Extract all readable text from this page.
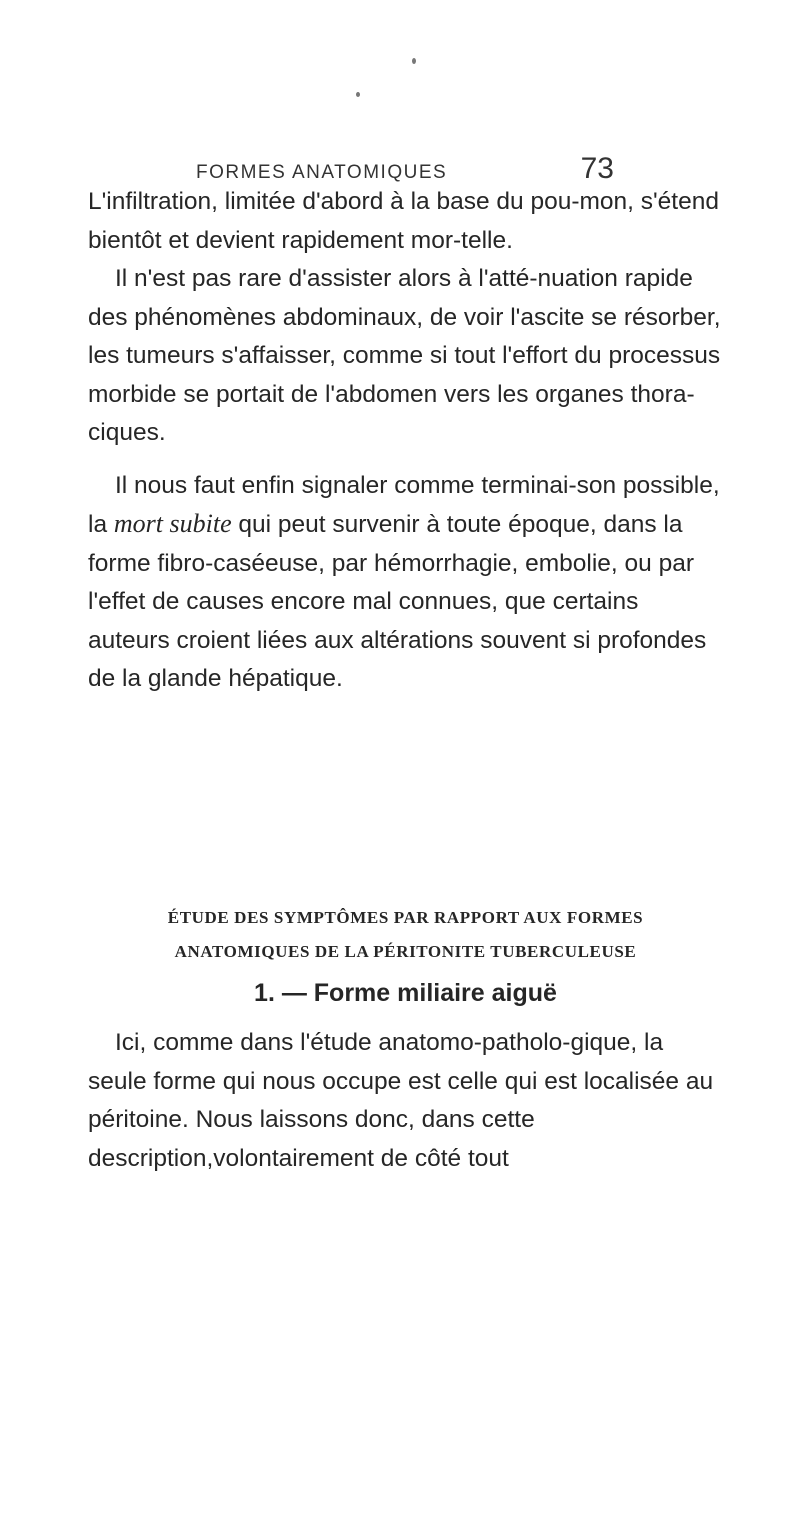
FORMES ANATOMIQUES	73

L'infiltration, limitée d'abord à la base du pou-mon, s'étend bientôt et devient rapidement mor-telle.

Il n'est pas rare d'assister alors à l'atté-nuation rapide des phénomènes abdominaux, de voir l'ascite se résorber, les tumeurs s'affaisser, comme si tout l'effort du processus morbide se portait de l'abdomen vers les organes thora-ciques.

Il nous faut enfin signaler comme terminai-son possible, la mort subite qui peut survenir à toute époque, dans la forme fibro-caséeuse, par hémorrhagie, embolie, ou par l'effet de causes encore mal connues, que certains auteurs croient liées aux altérations souvent si profondes de la glande hépatique.

ÉTUDE DES SYMPTÔMES PAR RAPPORT AUX FORMES

ANATOMIQUES DE LA PÉRITONITE TUBERCULEUSE

1. — Forme miliaire aiguë

Ici, comme dans l'étude anatomo-patholo-gique, la seule forme qui nous occupe est celle qui est localisée au péritoine. Nous laissons donc, dans cette description,volontairement de côté tout
